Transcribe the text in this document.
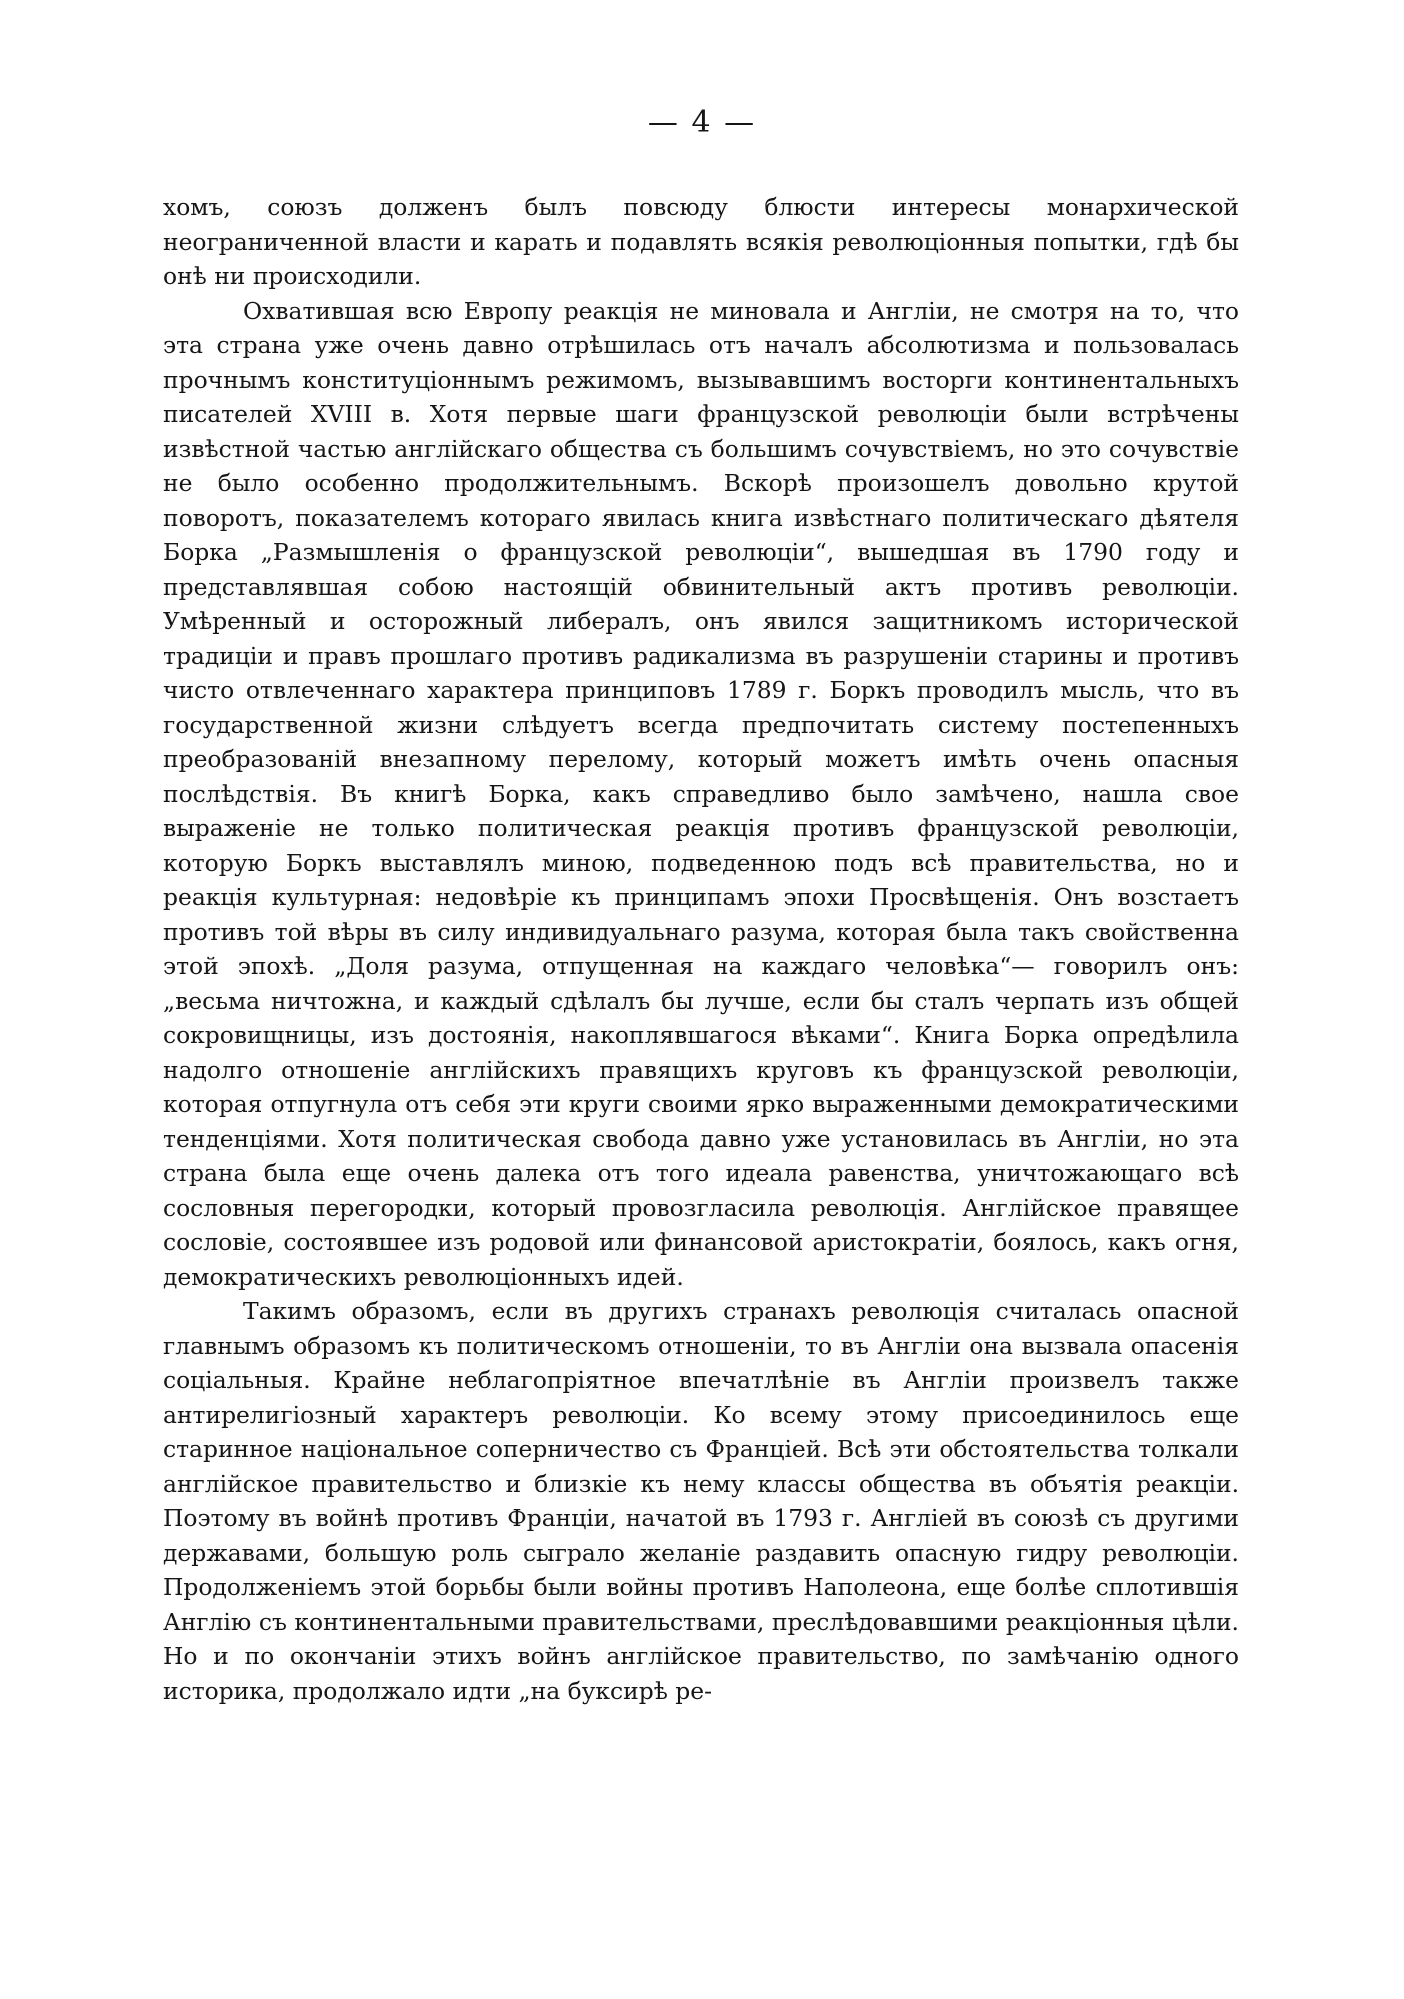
— 4 —

хомъ, союзъ долженъ былъ повсюду блюсти интересы монархической неограниченной власти и карать и подавлять всякія революціонныя попытки, гдѣ бы онѣ ни происходили.

Охватившая всю Европу реакція не миновала и Англіи, не смотря на то, что эта страна уже очень давно отрѣшилась отъ началъ абсолютизма и пользовалась прочнымъ конституціоннымъ режимомъ, вызывавшимъ восторги континентальныхъ писателей XVIII в. Хотя первые шаги французской революціи были встрѣчены извѣстной частью англійскаго общества съ большимъ сочувствіемъ, но это сочувствіе не было особенно продолжительнымъ. Вскорѣ произошелъ довольно крутой поворотъ, показателемъ котораго явилась книга извѣстнаго политическаго дѣятеля Борка „Размышленія о французской революціи“, вышедшая въ 1790 году и представлявшая собою настоящій обвинительный актъ противъ революціи. Умѣренный и осторожный либералъ, онъ явился защитникомъ исторической традиціи и правъ прошлаго противъ радикализма въ разрушеніи старины и противъ чисто отвлеченнаго характера принциповъ 1789 г. Боркъ проводилъ мысль, что въ государственной жизни слѣдуетъ всегда предпочитать систему постепенныхъ преобразованій внезапному перелому, который можетъ имѣть очень опасныя послѣдствія. Въ книгѣ Борка, какъ справедливо было замѣчено, нашла свое выраженіе не только политическая реакція противъ французской революціи, которую Боркъ выставлялъ миною, подведенною подъ всѣ правительства, но и реакція культурная: недовѣріе къ принципамъ эпохи Просвѣщенія. Онъ возстаетъ противъ той вѣры въ силу индивидуальнаго разума, которая была такъ свойственна этой эпохѣ. „Доля разума, отпущенная на каждаго человѣка“— говорилъ онъ: „весьма ничтожна, и каждый сдѣлалъ бы лучше, если бы сталъ черпать изъ общей сокровищницы, изъ достоянія, накоплявшагося вѣками“. Книга Борка опредѣлила надолго отношеніе англійскихъ правящихъ круговъ къ французской революціи, которая отпугнула отъ себя эти круги своими ярко выраженными демократическими тенденціями. Хотя политическая свобода давно уже установилась въ Англіи, но эта страна была еще очень далека отъ того идеала равенства, уничтожающаго всѣ сословныя перегородки, который провозгласила революція. Англійское правящее сословіе, состоявшее изъ родовой или финансовой аристократіи, боялось, какъ огня, демократическихъ революціонныхъ идей.

Такимъ образомъ, если въ другихъ странахъ революція считалась опасной главнымъ образомъ къ политическомъ отношеніи, то въ Англіи она вызвала опасенія соціальныя. Крайне неблагопріятное впечатлѣніе въ Англіи произвелъ также антирелигіозный характеръ революціи. Ко всему этому присоединилось еще старинное національное соперничество съ Франціей. Всѣ эти обстоятельства толкали англійское правительство и близкіе къ нему классы общества въ объятія реакціи. Поэтому въ войнѣ противъ Франціи, начатой въ 1793 г. Англіей въ союзѣ съ другими державами, большую роль сыграло желаніе раздавить опасную гидру революціи. Продолженіемъ этой борьбы были войны противъ Наполеона, еще болѣе сплотившія Англію съ континентальными правительствами, преслѣдовавшими реакціонныя цѣли. Но и по окончаніи этихъ войнъ англійское правительство, по замѣчанію одного историка, продолжало идти „на буксирѣ ре-
